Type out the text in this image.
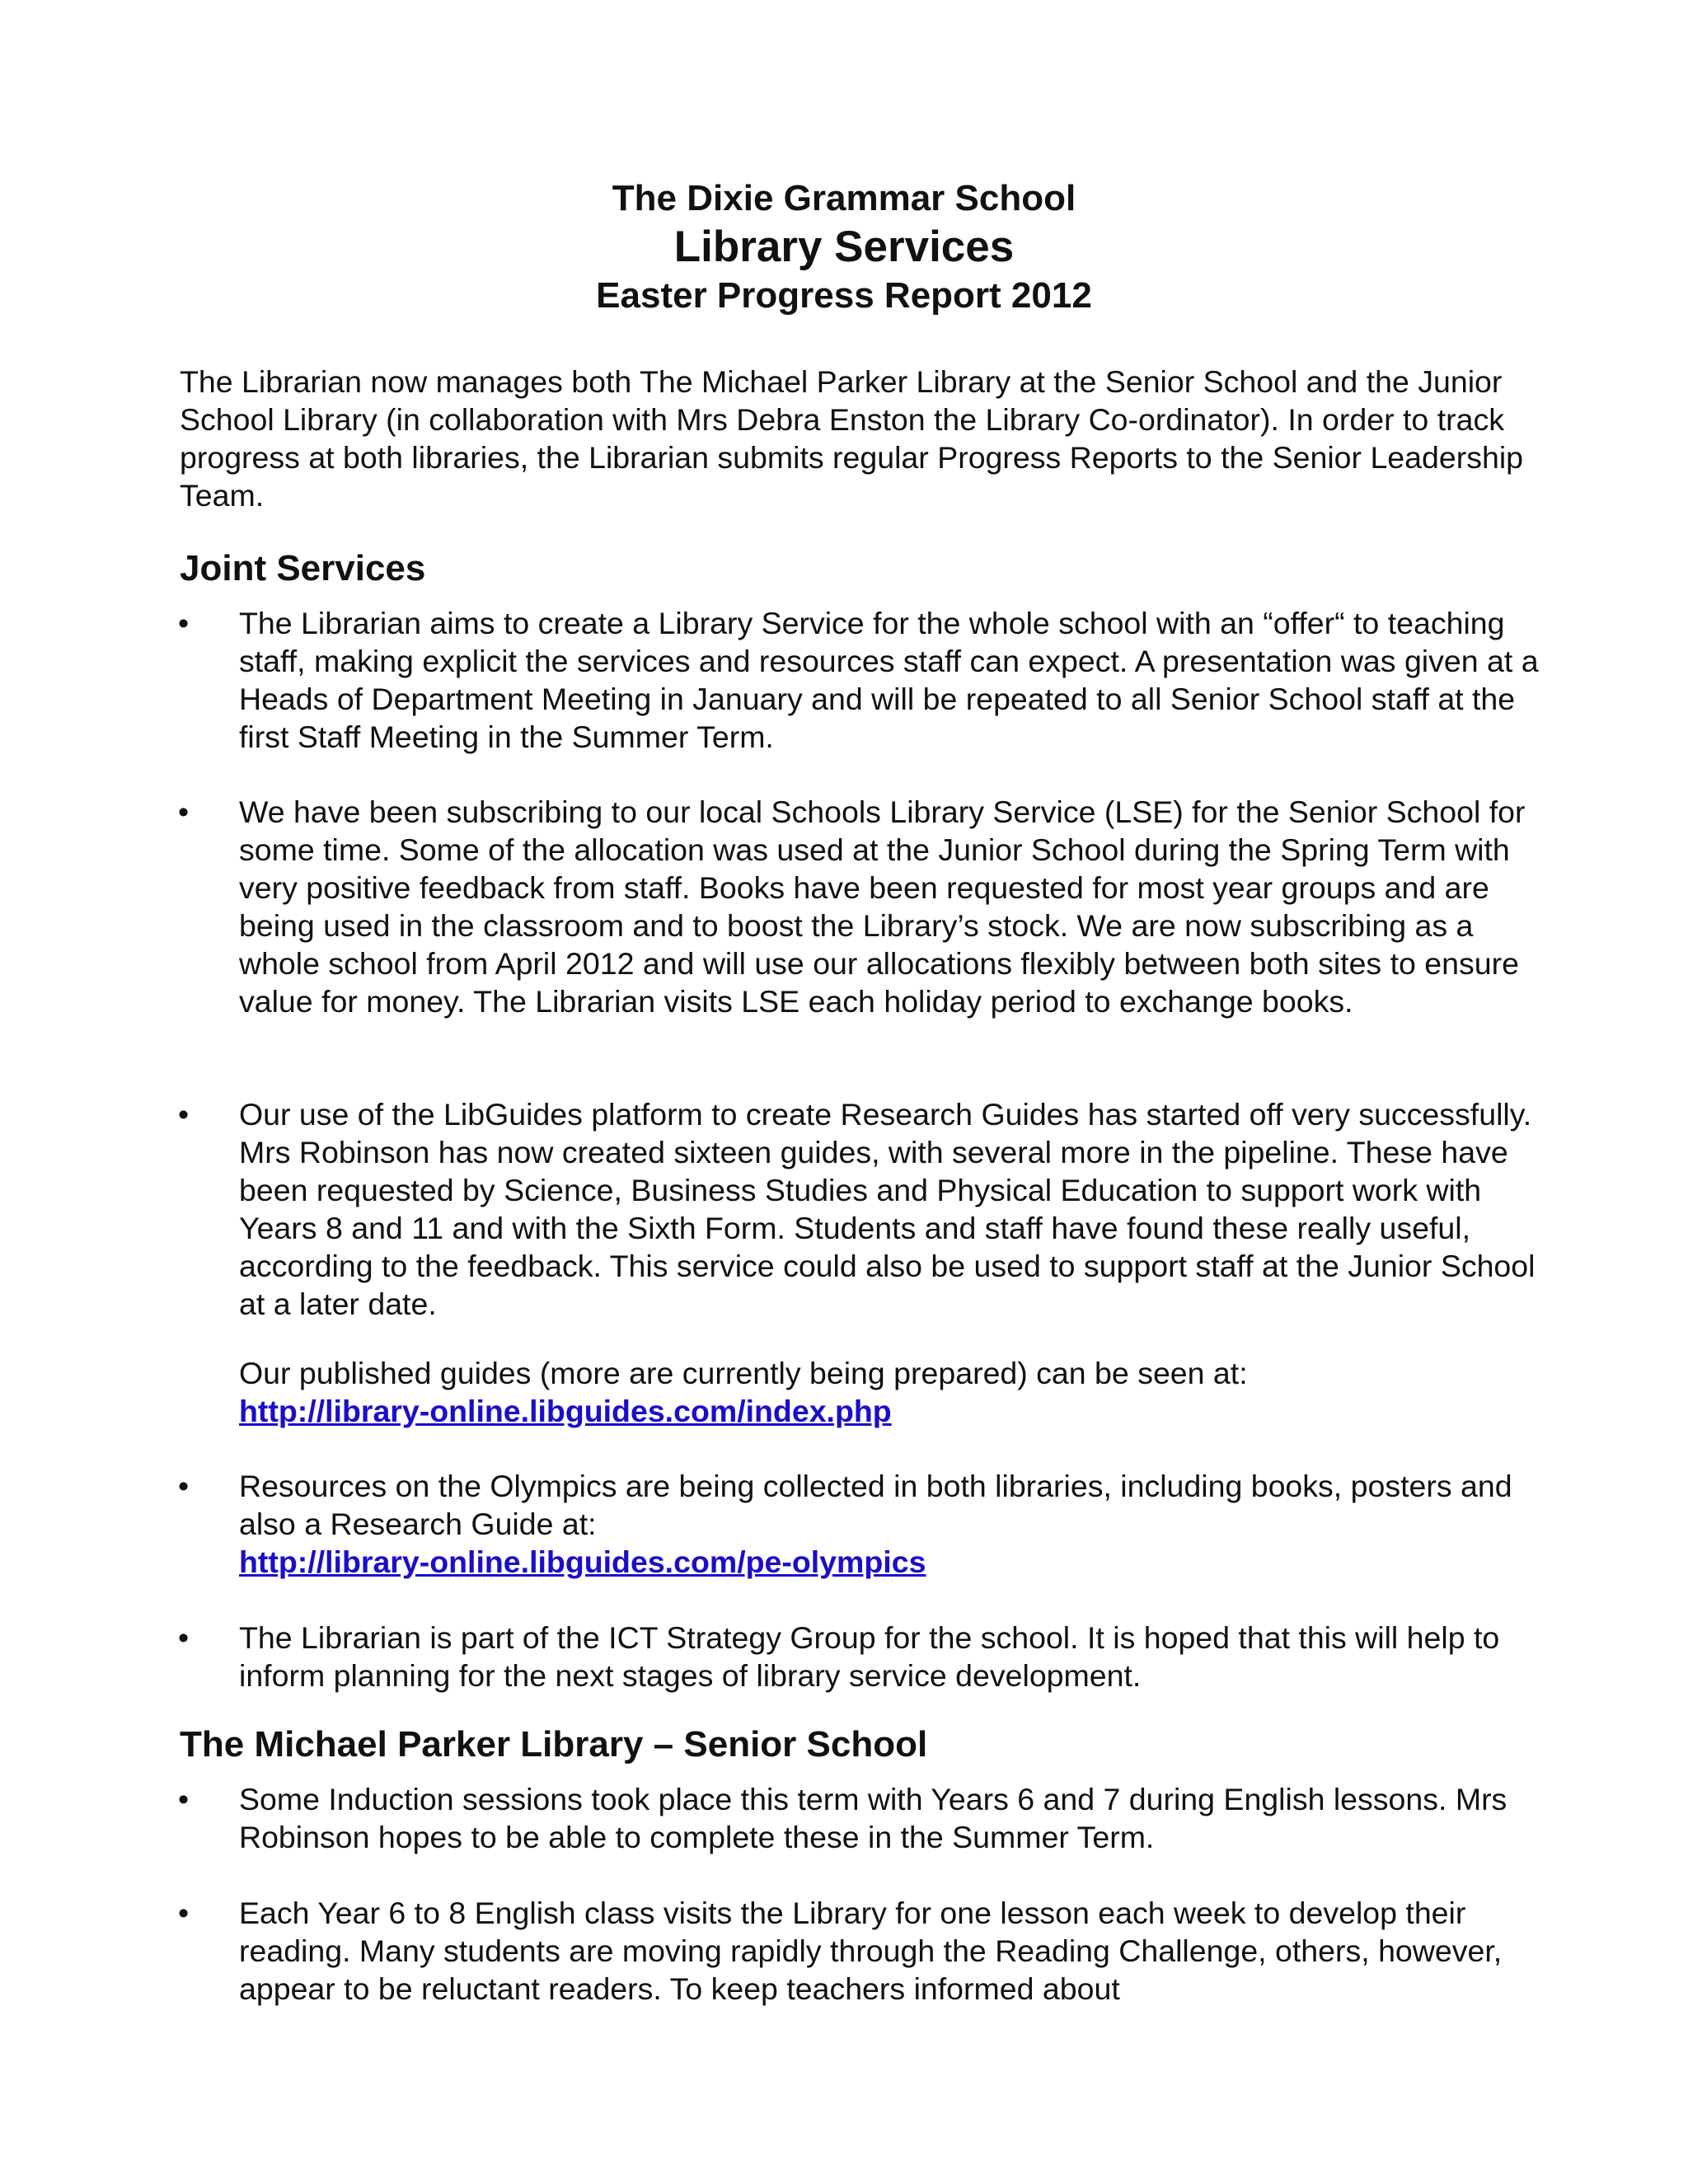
The Dixie Grammar School
Library Services
Easter Progress Report 2012

The Librarian now manages both The Michael Parker Library at the Senior School and the Junior School Library (in collaboration with Mrs Debra Enston the Library Co-ordinator). In order to track progress at both libraries, the Librarian submits regular Progress Reports to the Senior Leadership Team.

Joint Services
• The Librarian aims to create a Library Service for the whole school with an “offer“ to teaching staff, making explicit the services and resources staff can expect. A presentation was given at a Heads of Department Meeting in January and will be repeated to all Senior School staff at the first Staff Meeting in the Summer Term.

• We have been subscribing to our local Schools Library Service (LSE) for the Senior School for some time. Some of the allocation was used at the Junior School during the Spring Term with very positive feedback from staff. Books have been requested for most year groups and are being used in the classroom and to boost the Library’s stock. We are now subscribing as a whole school from April 2012 and will use our allocations flexibly between both sites to ensure value for money. The Librarian visits LSE each holiday period to exchange books.

• Our use of the LibGuides platform to create Research Guides has started off very successfully. Mrs Robinson has now created sixteen guides, with several more in the pipeline. These have been requested by Science, Business Studies and Physical Education to support work with Years 8 and 11 and with the Sixth Form. Students and staff have found these really useful, according to the feedback. This service could also be used to support staff at the Junior School at a later date.

Our published guides (more are currently being prepared) can be seen at:

http://library-online.libguides.com/index.php
• Resources on the Olympics are being collected in both libraries, including books, posters and also a Research Guide at:

http://library-online.libguides.com/pe-olympics
• The Librarian is part of the ICT Strategy Group for the school. It is hoped that this will help to inform planning for the next stages of library service development.

The Michael Parker Library – Senior School
• Some Induction sessions took place this term with Years 6 and 7 during English lessons. Mrs Robinson hopes to be able to complete these in the Summer Term.

• Each Year 6 to 8 English class visits the Library for one lesson each week to develop their reading. Many students are moving rapidly through the Reading Challenge, others, however, appear to be reluctant readers. To keep teachers informed about
